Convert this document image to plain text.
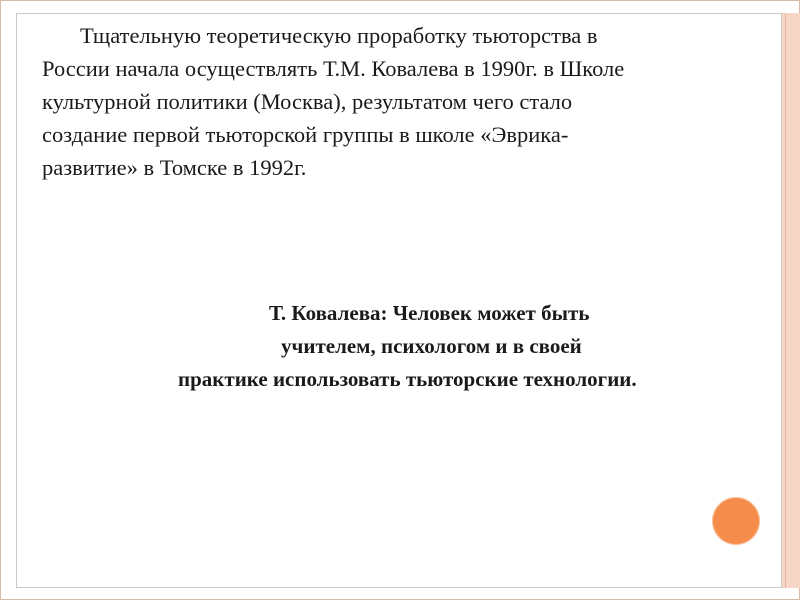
Тщательную теоретическую проработку тьюторства в
России начала осуществлять Т.М. Ковалева в 1990г. в Школе
культурной политики (Москва), результатом чего стало
создание первой тьюторской группы в школе «Эврика-
развитие» в Томске в 1992г.

Т. Ковалева: Человек может быть
учителем, психологом и в своей
практике использовать тьюторские технологии.
